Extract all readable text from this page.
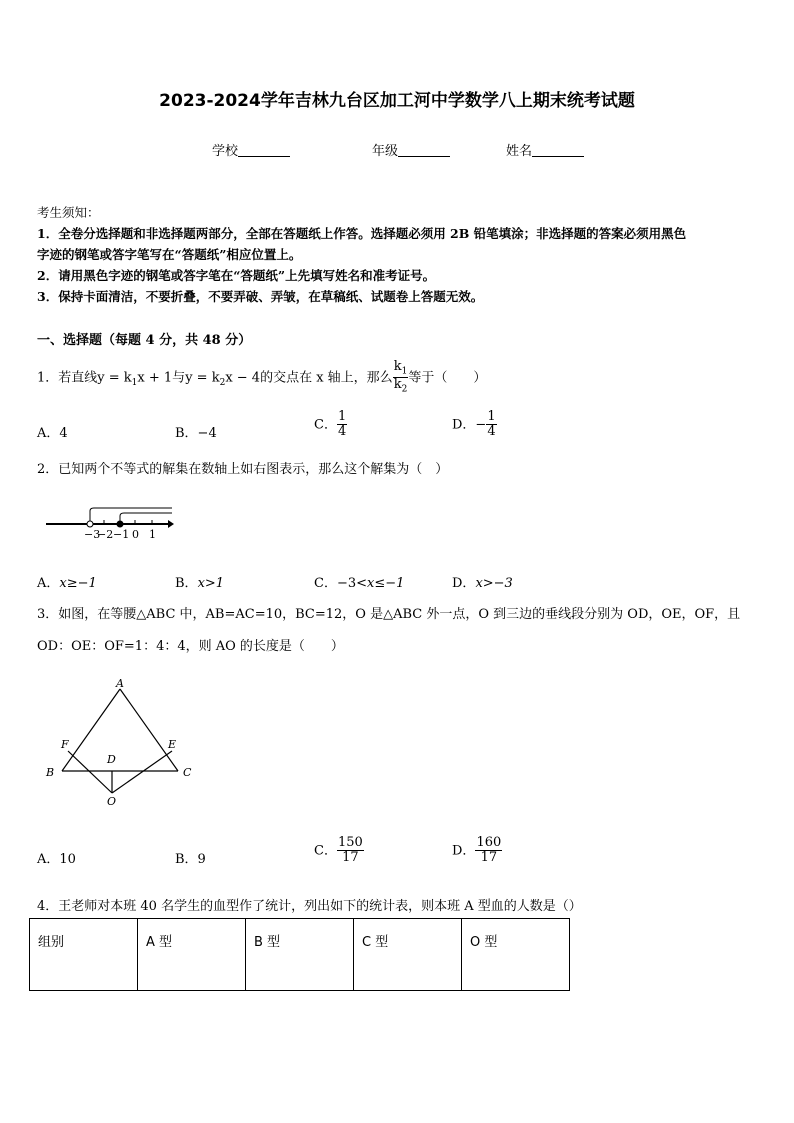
2023-2024学年吉林九台区加工河中学数学八上期末统考试题
学校	年级	姓名
考生须知：
1．全卷分选择题和非选择题两部分，全部在答题纸上作答。选择题必须用 2B 铅笔填涂；非选择题的答案必须用黑色
字迹的钢笔或答字笔写在“答题纸”相应位置上。
2．请用黑色字迹的钢笔或答字笔在“答题纸”上先填写姓名和准考证号。
3．保持卡面清洁，不要折叠，不要弄破、弄皱，在草稿纸、试题卷上答题无效。
一、选择题（每题 4 分，共 48 分）
1．若直线$y = k_1x + 1$与$y = k_2x - 4$的交点在 x 轴上，那么 $\frac{k_1}{k_2}$ 等于（　　）
A．4	B．−4
C． $\frac{1}{4}$	D．− $\frac{1}{4}$
2．已知两个不等式的解集在数轴上如右图表示，那么这个解集为（　）
−3
−2 −1 0 1
A．x≥−1	B．x>1	C．−3<x≤−1	D．x>−3
3．如图，在等腰△ABC 中，AB=AC=10，BC=12，O 是△ABC 外一点，O 到三边的垂线段分别为 OD，OE，OF，且
OD：OE：OF=1：4：4，则 AO 的长度是（　　）
A
B	C
D
E
F
O
A．10	B．9
C． $\frac{150}{17}$	D． $\frac{160}{17}$
4．王老师对本班 40 名学生的血型作了统计，列出如下的统计表，则本班 A 型血的人数是（）
组别	A 型	B 型	C 型	O 型
